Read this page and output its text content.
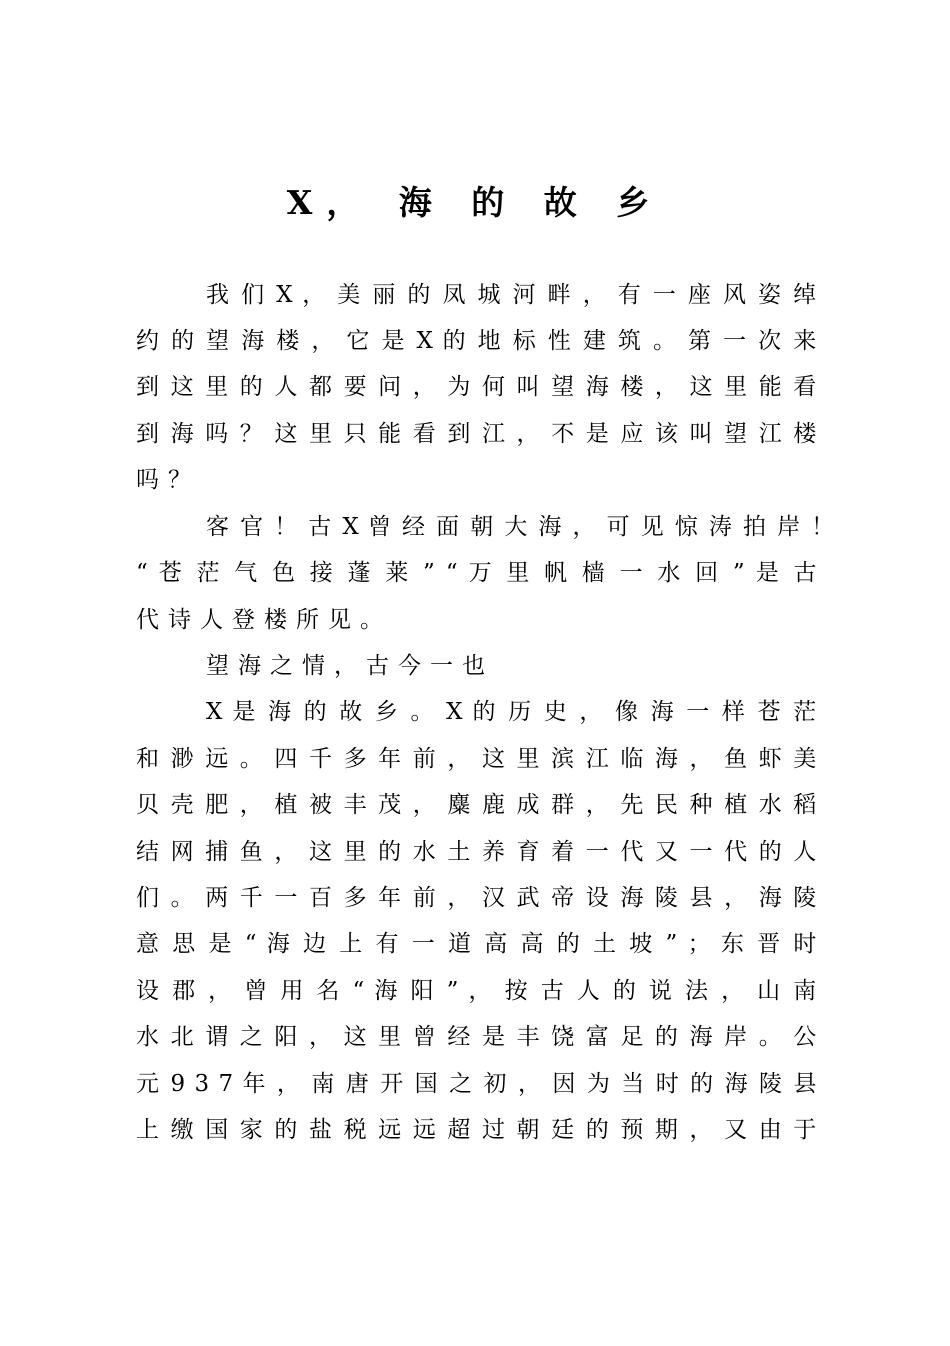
X， 海 的 故 乡
我 们 X ， 美 丽 的 凤 城 河 畔 ， 有 一 座 风 姿 绰
约 的 望 海 楼 ， 它 是 X 的 地 标 性 建 筑 。 第 一 次 来
到 这 里 的 人 都 要 问 ， 为 何 叫 望 海 楼 ， 这 里 能 看
到 海 吗 ？ 这 里 只 能 看 到 江 ， 不 是 应 该 叫 望 江 楼
吗？
客 官 ！ 古 X 曾 经 面 朝 大 海 ， 可 见 惊 涛 拍 岸 ！
“ 苍 茫 气 色 接 蓬 莱 ” “ 万 里 帆 樯 一 水 回 ” 是 古
代诗人登楼所见。
望海之情，古今一也
X 是 海 的 故 乡 。 X 的 历 史 ， 像 海 一 样 苍 茫
和 渺 远 。 四 千 多 年 前 ， 这 里 滨 江 临 海 ， 鱼 虾 美
贝 壳 肥 ， 植 被 丰 茂 ， 麋 鹿 成 群 ， 先 民 种 植 水 稻
结 网 捕 鱼 ， 这 里 的 水 土 养 育 着 一 代 又 一 代 的 人
们 。 两 千 一 百 多 年 前 ， 汉 武 帝 设 海 陵 县 ， 海 陵
意 思 是 “ 海 边 上 有 一 道 高 高 的 土 坡 ” ； 东 晋 时
设 郡 ， 曾 用 名 “ 海 阳 ” ， 按 古 人 的 说 法 ， 山 南
水 北 谓 之 阳 ， 这 里 曾 经 是 丰 饶 富 足 的 海 岸 。 公
元 9 3 7 年 ， 南 唐 开 国 之 初 ， 因 为 当 时 的 海 陵 县
上 缴 国 家 的 盐 税 远 远 超 过 朝 廷 的 预 期 ， 又 由 于
